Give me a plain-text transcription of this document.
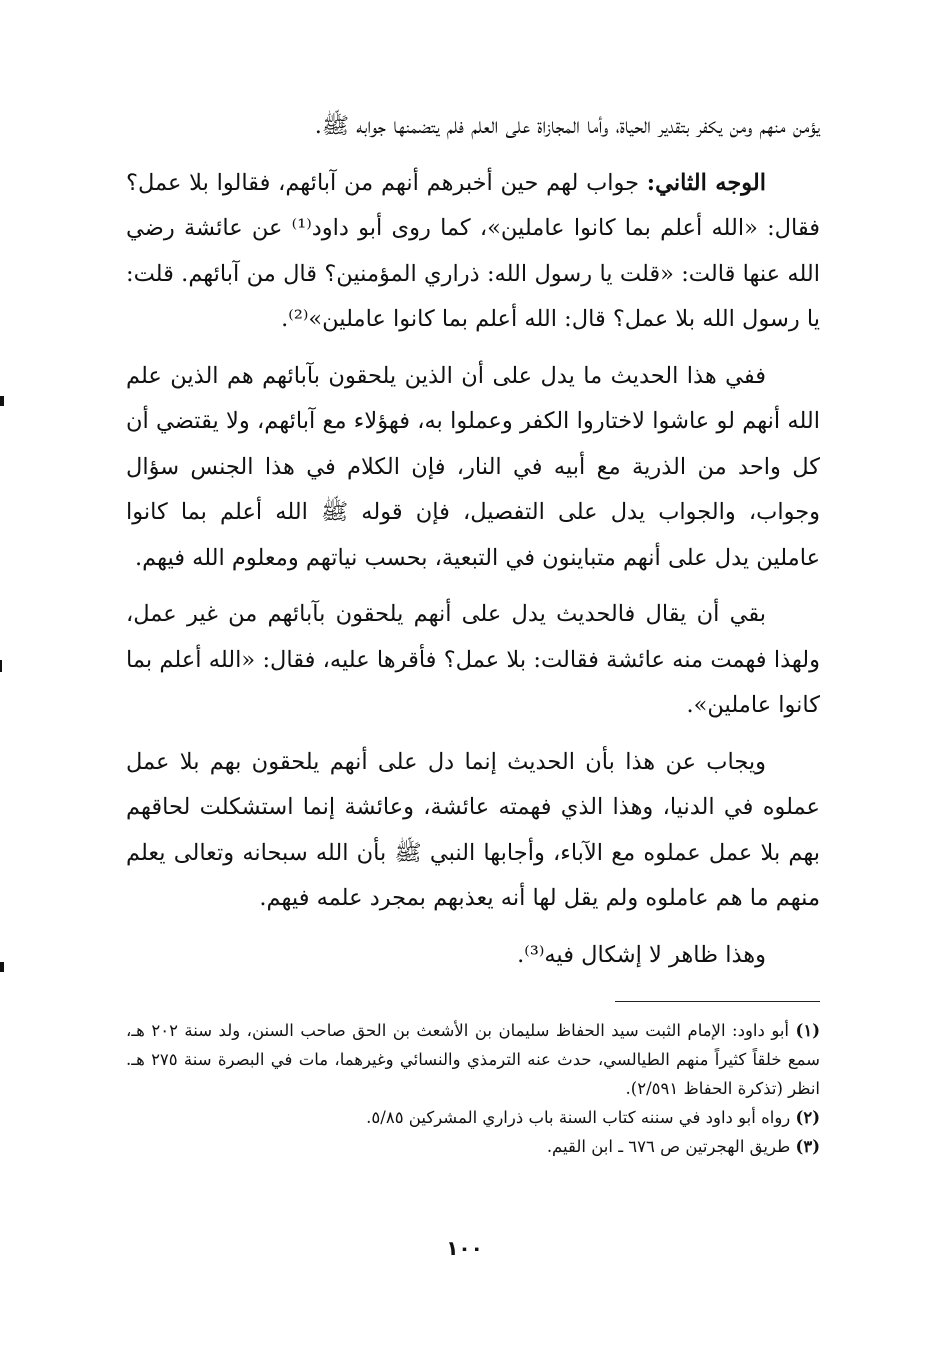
يؤمن منهم ومن يكفر بتقدير الحياة، وأما المجازاة على العلم فلم يتضمنها جوابه ﷺ.

الوجه الثاني: جواب لهم حين أخبرهم أنهم من آبائهم، فقالوا بلا عمل؟ فقال: «الله أعلم بما كانوا عاملين»، كما روى أبو داود⁽¹⁾ عن عائشة رضي الله عنها قالت: «قلت يا رسول الله: ذراري المؤمنين؟ قال من آبائهم. قلت: يا رسول الله بلا عمل؟ قال: الله أعلم بما كانوا عاملين»⁽²⁾.

ففي هذا الحديث ما يدل على أن الذين يلحقون بآبائهم هم الذين علم الله أنهم لو عاشوا لاختاروا الكفر وعملوا به، فهؤلاء مع آبائهم، ولا يقتضي أن كل واحد من الذرية مع أبيه في النار، فإن الكلام في هذا الجنس سؤال وجواب، والجواب يدل على التفصيل، فإن قوله ﷺ الله أعلم بما كانوا عاملين يدل على أنهم متباينون في التبعية، بحسب نياتهم ومعلوم الله فيهم.

بقي أن يقال فالحديث يدل على أنهم يلحقون بآبائهم من غير عمل، ولهذا فهمت منه عائشة فقالت: بلا عمل؟ فأقرها عليه، فقال: «الله أعلم بما كانوا عاملين».

ويجاب عن هذا بأن الحديث إنما دل على أنهم يلحقون بهم بلا عمل عملوه في الدنيا، وهذا الذي فهمته عائشة، وعائشة إنما استشكلت لحاقهم بهم بلا عمل عملوه مع الآباء، وأجابها النبي ﷺ بأن الله سبحانه وتعالى يعلم منهم ما هم عاملوه ولم يقل لها أنه يعذبهم بمجرد علمه فيهم.

وهذا ظاهر لا إشكال فيه⁽³⁾.

(١) أبو داود: الإمام الثبت سيد الحفاظ سليمان بن الأشعث بن الحق صاحب السنن، ولد سنة ٢٠٢ هـ، سمع خلقاً كثيراً منهم الطيالسي، حدث عنه الترمذي والنسائي وغيرهما، مات في البصرة سنة ٢٧٥ هـ. انظر (تذكرة الحفاظ ٢/٥٩١).

(٢) رواه أبو داود في سننه كتاب السنة باب ذراري المشركين ٥/٨٥.

(٣) طريق الهجرتين ص ٦٧٦ ـ ابن القيم.

١٠٠
